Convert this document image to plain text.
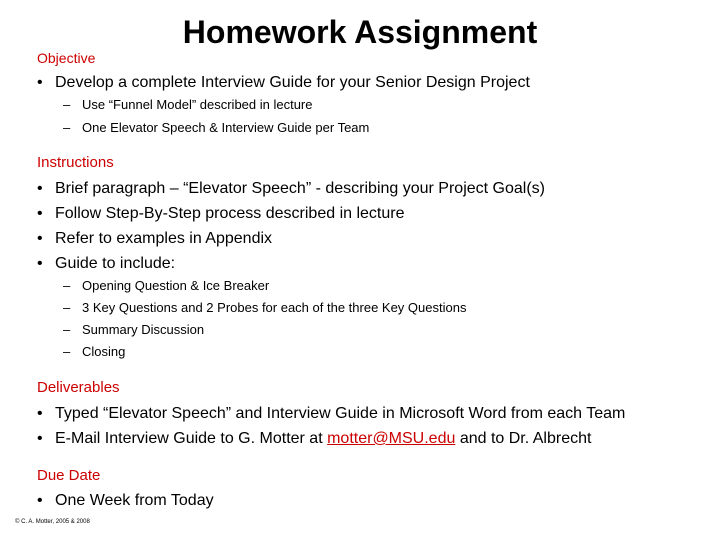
Homework Assignment
Objective
• Develop a complete Interview Guide for your Senior Design Project
– Use “Funnel Model” described in lecture
– One Elevator Speech & Interview Guide per Team
Instructions
• Brief paragraph – “Elevator Speech” - describing your Project Goal(s)
• Follow Step-By-Step process described in lecture
• Refer to examples in Appendix
• Guide to include:
– Opening Question & Ice Breaker
– 3 Key Questions and 2 Probes for each of the three Key Questions
– Summary Discussion
– Closing
Deliverables
• Typed “Elevator Speech” and Interview Guide in Microsoft Word from each Team
• E-Mail Interview Guide to G. Motter at motter@MSU.edu and to Dr. Albrecht
Due Date
• One Week from Today
© C. A. Motter, 2005 & 2008
